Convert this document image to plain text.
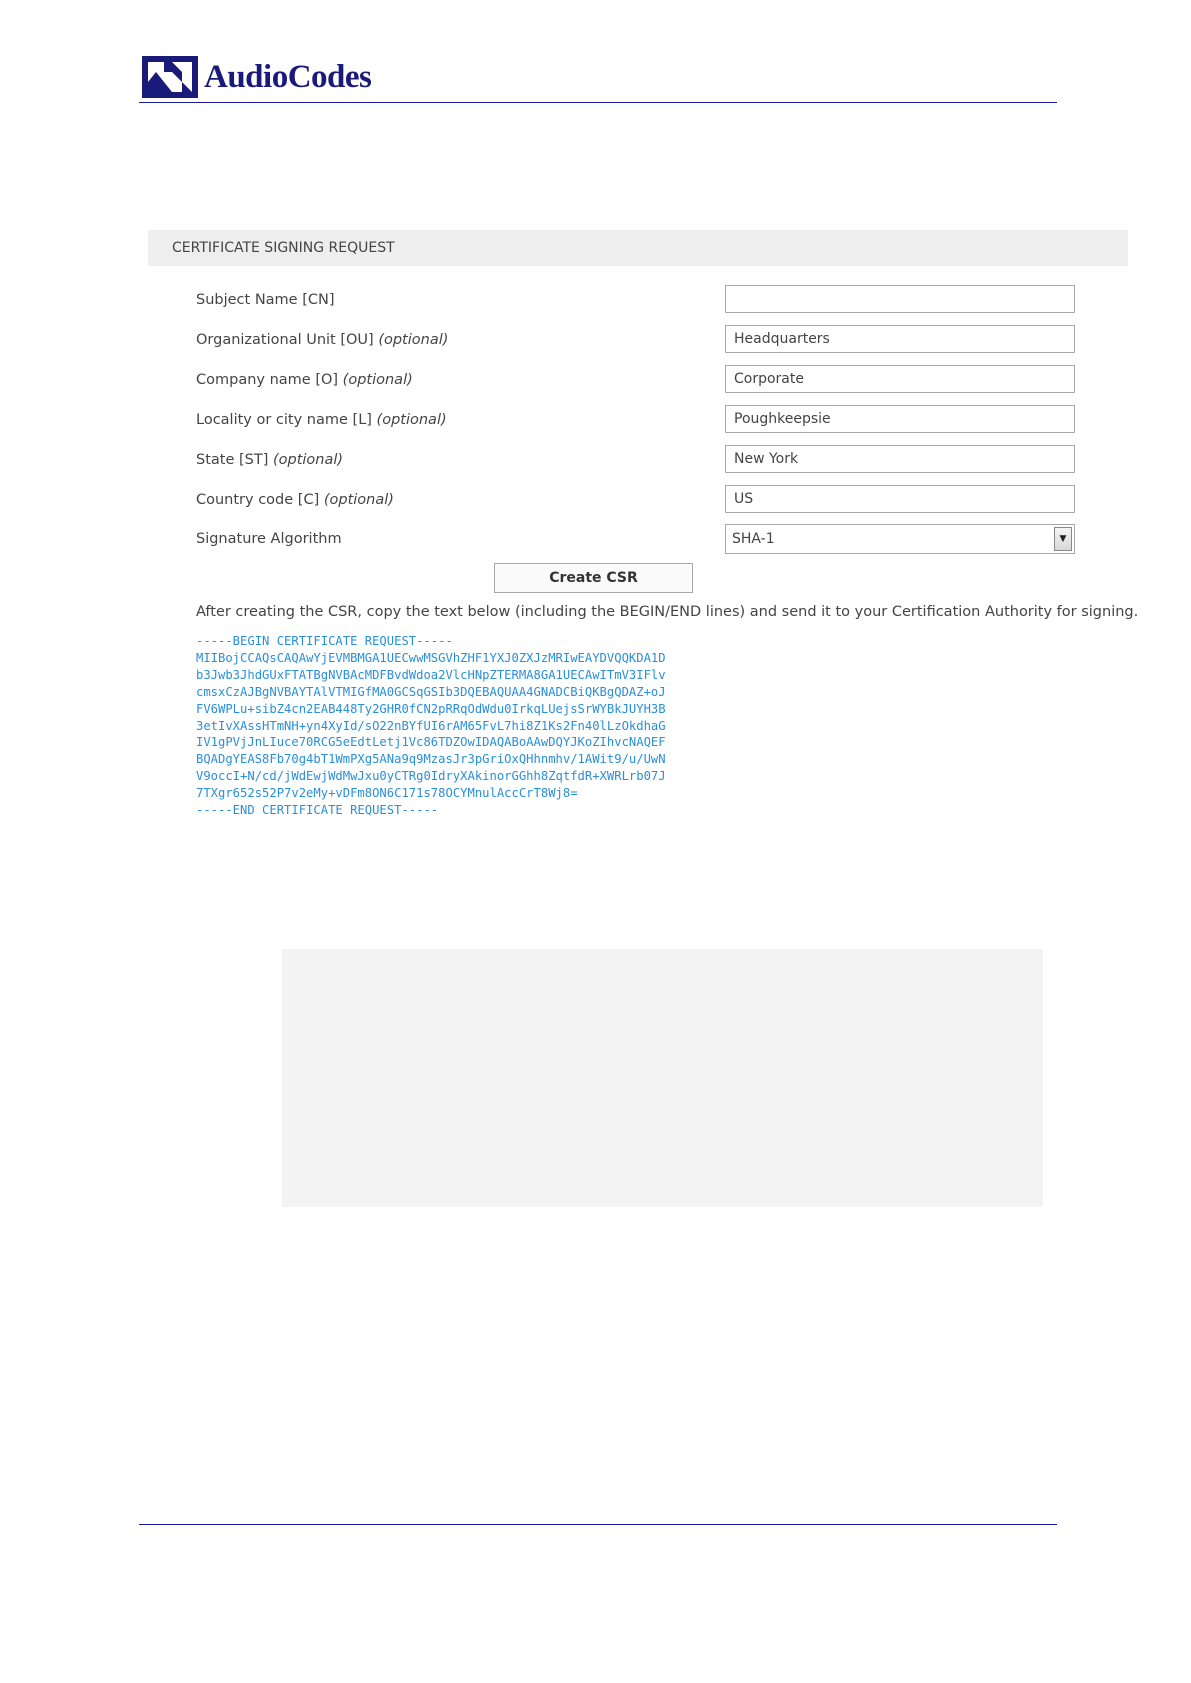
AudioCodes
CERTIFICATE SIGNING REQUEST
Subject Name [CN]
Organizational Unit [OU] (optional)
Headquarters
Company name [O] (optional)
Corporate
Locality or city name [L] (optional)
Poughkeepsie
State [ST] (optional)
New York
Country code [C] (optional)
US
Signature Algorithm	SHA-1	▼
Create CSR
After creating the CSR, copy the text below (including the BEGIN/END lines) and send it to your Certification Authority for signing.
-----BEGIN CERTIFICATE REQUEST-----
MIIBojCCAQsCAQAwYjEVMBMGA1UECwwMSGVhZHF1YXJ0ZXJzMRIwEAYDVQQKDA1D
b3Jwb3JhdGUxFTATBgNVBAcMDFBvdWdoa2VlcHNpZTERMA8GA1UECAwITmV3IFlv
cmsxCzAJBgNVBAYTAlVTMIGfMA0GCSqGSIb3DQEBAQUAA4GNADCBiQKBgQDAZ+oJ
FV6WPLu+sibZ4cn2EAB448Ty2GHR0fCN2pRRqOdWdu0IrkqLUejsSrWYBkJUYH3B
3etIvXAssHTmNH+yn4XyId/sO22nBYfUI6rAM65FvL7hi8Z1Ks2Fn40lLzOkdhaG
IV1gPVjJnLIuce70RCG5eEdtLetj1Vc86TDZOwIDAQABoAAwDQYJKoZIhvcNAQEF
BQADgYEAS8Fb70g4bT1WmPXg5ANa9q9MzasJr3pGriOxQHhnmhv/1AWit9/u/UwN
V9occI+N/cd/jWdEwjWdMwJxu0yCTRg0IdryXAkinorGGhh8ZqtfdR+XWRLrb07J
7TXgr652s52P7v2eMy+vDFm8ON6C171s78OCYMnulAccCrT8Wj8=
-----END CERTIFICATE REQUEST-----
